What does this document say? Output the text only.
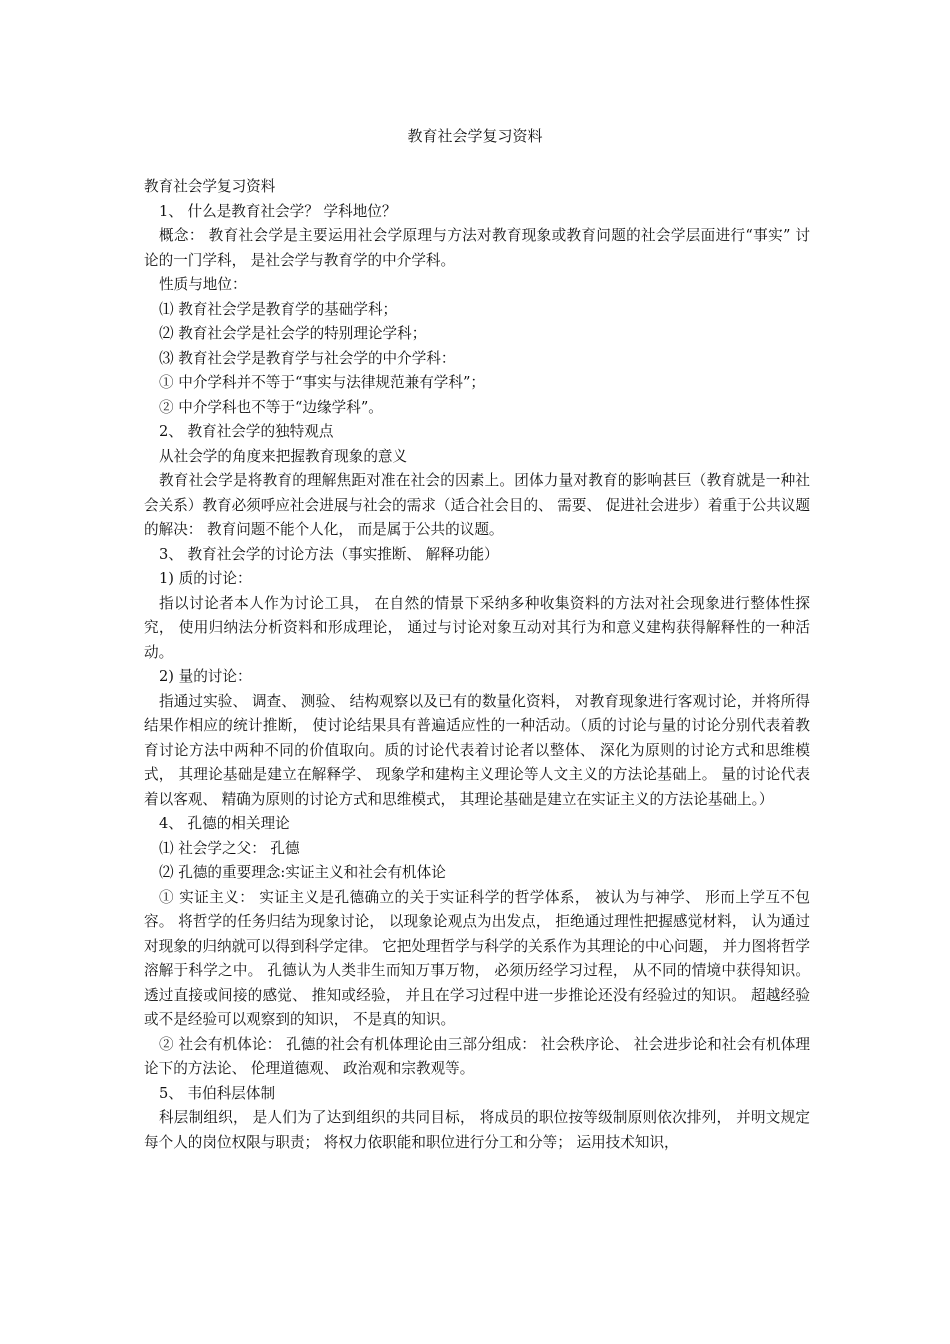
教育社会学复习资料

教育社会学复习资料

1、 什么是教育社会学？ 学科地位？

概念： 教育社会学是主要运用社会学原理与方法对教育现象或教育问题的社会学层面进行“事实” 讨论的一门学科， 是社会学与教育学的中介学科。

性质与地位：

⑴ 教育社会学是教育学的基础学科；

⑵ 教育社会学是社会学的特别理论学科；

⑶ 教育社会学是教育学与社会学的中介学科：

① 中介学科并不等于“事实与法律规范兼有学科”；

② 中介学科也不等于“边缘学科”。

2、 教育社会学的独特观点

从社会学的角度来把握教育现象的意义

教育社会学是将教育的理解焦距对准在社会的因素上。团体力量对教育的影响甚巨（教育就是一种社会关系）教育必须呼应社会进展与社会的需求（适合社会目的、 需要、 促进社会进步）着重于公共议题的解决： 教育问题不能个人化， 而是属于公共的议题。

3、 教育社会学的讨论方法（事实推断、 解释功能）

1) 质的讨论：

指以讨论者本人作为讨论工具， 在自然的情景下采纳多种收集资料的方法对社会现象进行整体性探究， 使用归纳法分析资料和形成理论， 通过与讨论对象互动对其行为和意义建构获得解释性的一种活动。

2) 量的讨论：

指通过实验、 调查、 测验、 结构观察以及已有的数量化资料， 对教育现象进行客观讨论，并将所得结果作相应的统计推断， 使讨论结果具有普遍适应性的一种活动。（质的讨论与量的讨论分别代表着教育讨论方法中两种不同的价值取向。质的讨论代表着讨论者以整体、 深化为原则的讨论方式和思维模式， 其理论基础是建立在解释学、 现象学和建构主义理论等人文主义的方法论基础上。 量的讨论代表着以客观、 精确为原则的讨论方式和思维模式， 其理论基础是建立在实证主义的方法论基础上。）

4、 孔德的相关理论

⑴ 社会学之父： 孔德

⑵ 孔德的重要理念:实证主义和社会有机体论

① 实证主义： 实证主义是孔德确立的关于实证科学的哲学体系， 被认为与神学、 形而上学互不包容。 将哲学的任务归结为现象讨论， 以现象论观点为出发点， 拒绝通过理性把握感觉材料， 认为通过对现象的归纳就可以得到科学定律。 它把处理哲学与科学的关系作为其理论的中心问题， 并力图将哲学溶解于科学之中。 孔德认为人类非生而知万事万物， 必须历经学习过程， 从不同的情境中获得知识。 透过直接或间接的感觉、 推知或经验， 并且在学习过程中进一步推论还没有经验过的知识。 超越经验或不是经验可以观察到的知识， 不是真的知识。

② 社会有机体论： 孔德的社会有机体理论由三部分组成： 社会秩序论、 社会进步论和社会有机体理论下的方法论、 伦理道德观、 政治观和宗教观等。

5、 韦伯科层体制

科层制组织， 是人们为了达到组织的共同目标， 将成员的职位按等级制原则依次排列， 并明文规定每个人的岗位权限与职责； 将权力依职能和职位进行分工和分等； 运用技术知识，
